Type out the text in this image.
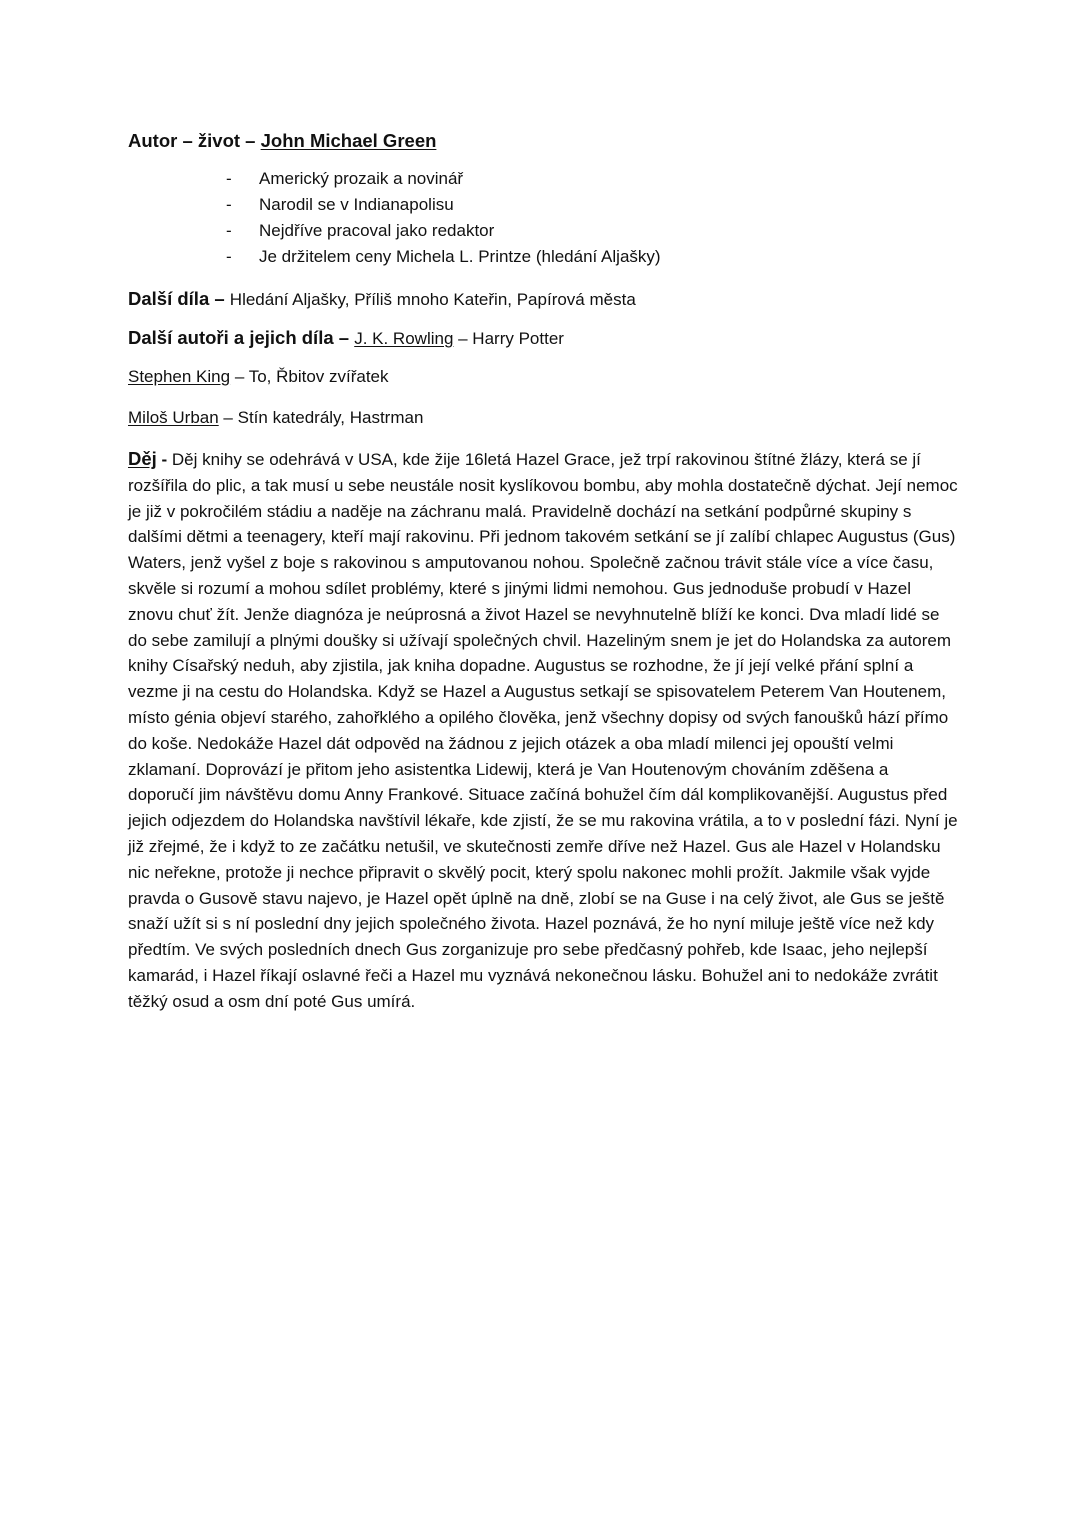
Autor – život – John Michael Green

- Americký prozaik a novinář
- Narodil se v Indianapolisu
- Nejdříve pracoval jako redaktor
- Je držitelem ceny Michela L. Printze (hledání Aljašky)

Další díla – Hledání Aljašky, Příliš mnoho Kateřin, Papírová města

Další autoři a jejich díla – J. K. Rowling – Harry Potter

Stephen King – To, Řbitov zvířatek

Miloš Urban – Stín katedrály, Hastrman

Děj - Děj knihy se odehrává v USA, kde žije 16letá Hazel Grace, jež trpí rakovinou štítné žlázy, která se jí rozšířila do plic, a tak musí u sebe neustále nosit kyslíkovou bombu, aby mohla dostatečně dýchat. Její nemoc je již v pokročilém stádiu a naděje na záchranu malá. Pravidelně dochází na setkání podpůrné skupiny s dalšími dětmi a teenagery, kteří mají rakovinu. Při jednom takovém setkání se jí zalíbí chlapec Augustus (Gus) Waters, jenž vyšel z boje s rakovinou s amputovanou nohou. Společně začnou trávit stále více a více času, skvěle si rozumí a mohou sdílet problémy, které s jinými lidmi nemohou. Gus jednoduše probudí v Hazel znovu chuť žít. Jenže diagnóza je neúprosná a život Hazel se nevyhnutelně blíží ke konci. Dva mladí lidé se do sebe zamilují a plnými doušky si užívají společných chvil. Hazeliným snem je jet do Holandska za autorem knihy Císařský neduh, aby zjistila, jak kniha dopadne. Augustus se rozhodne, že jí její velké přání splní a vezme ji na cestu do Holandska. Když se Hazel a Augustus setkají se spisovatelem Peterem Van Houtenem, místo génia objeví starého, zahořklého a opilého člověka, jenž všechny dopisy od svých fanoušků hází přímo do koše. Nedokáže Hazel dát odpověd na žádnou z jejich otázek a oba mladí milenci jej opouští velmi zklamaní. Doprovází je přitom jeho asistentka Lidewij, která je Van Houtenovým chováním zděšena a doporučí jim návštěvu domu Anny Frankové. Situace začíná bohužel čím dál komplikovanější. Augustus před jejich odjezdem do Holandska navštívil lékaře, kde zjistí, že se mu rakovina vrátila, a to v poslední fázi. Nyní je již zřejmé, že i když to ze začátku netušil, ve skutečnosti zemře dříve než Hazel. Gus ale Hazel v Holandsku nic neřekne, protože ji nechce připravit o skvělý pocit, který spolu nakonec mohli prožít. Jakmile však vyjde pravda o Gusově stavu najevo, je Hazel opět úplně na dně, zlobí se na Guse i na celý život, ale Gus se ještě snaží užít si s ní poslední dny jejich společného života. Hazel poznává, že ho nyní miluje ještě více než kdy předtím. Ve svých posledních dnech Gus zorganizuje pro sebe předčasný pohřeb, kde Isaac, jeho nejlepší kamarád, i Hazel říkají oslavné řeči a Hazel mu vyznává nekonečnou lásku. Bohužel ani to nedokáže zvrátit těžký osud a osm dní poté Gus umírá.
